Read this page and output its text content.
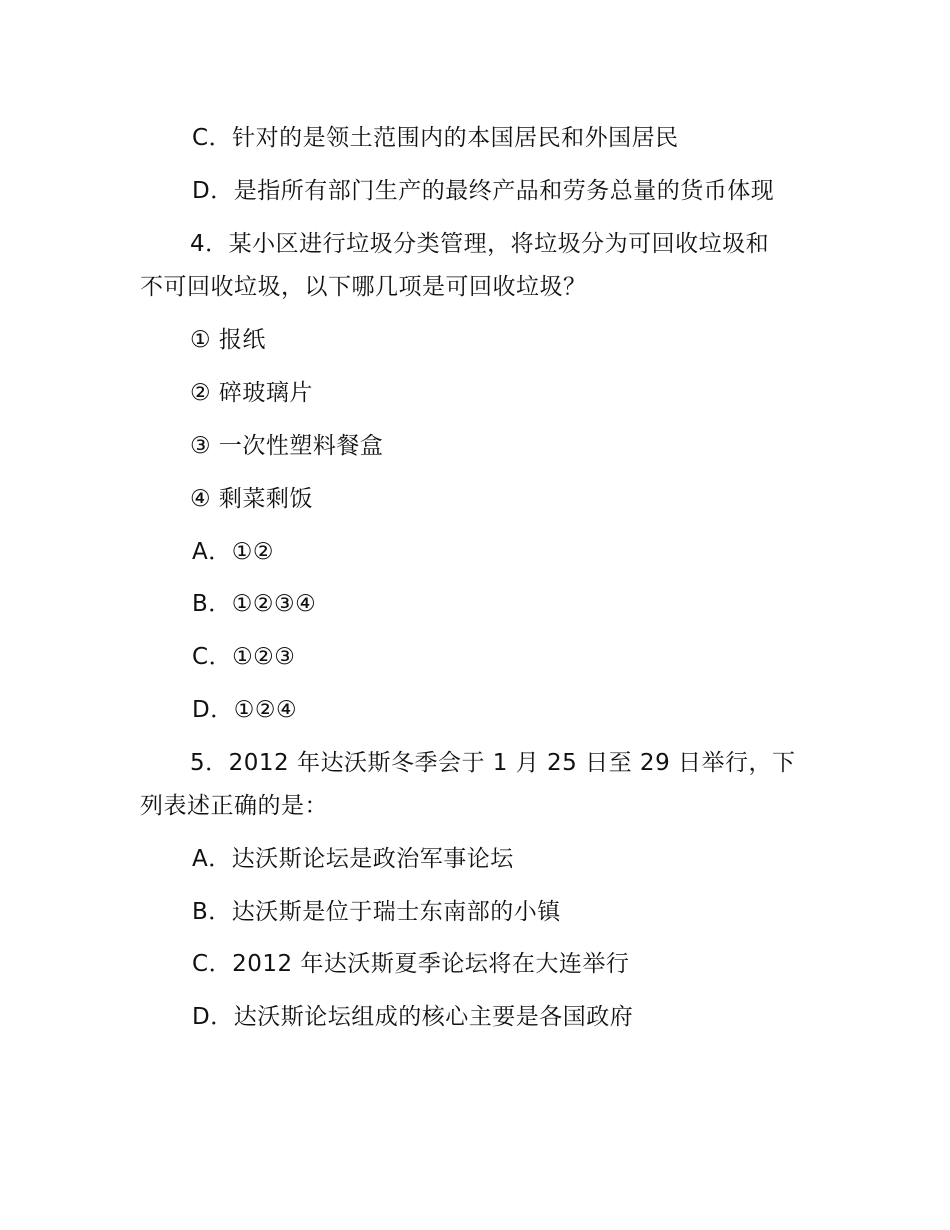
C．针对的是领土范围内的本国居民和外国居民
D．是指所有部门生产的最终产品和劳务总量的货币体现
4．某小区进行垃圾分类管理，将垃圾分为可回收垃圾和
不可回收垃圾，以下哪几项是可回收垃圾？
① 报纸
② 碎玻璃片
③ 一次性塑料餐盒
④ 剩菜剩饭
A．①②
B．①②③④
C．①②③
D．①②④
5．2012 年达沃斯冬季会于 1 月 25 日至 29 日举行，下
列表述正确的是：
A．达沃斯论坛是政治军事论坛
B．达沃斯是位于瑞士东南部的小镇
C．2012 年达沃斯夏季论坛将在大连举行
D．达沃斯论坛组成的核心主要是各国政府
